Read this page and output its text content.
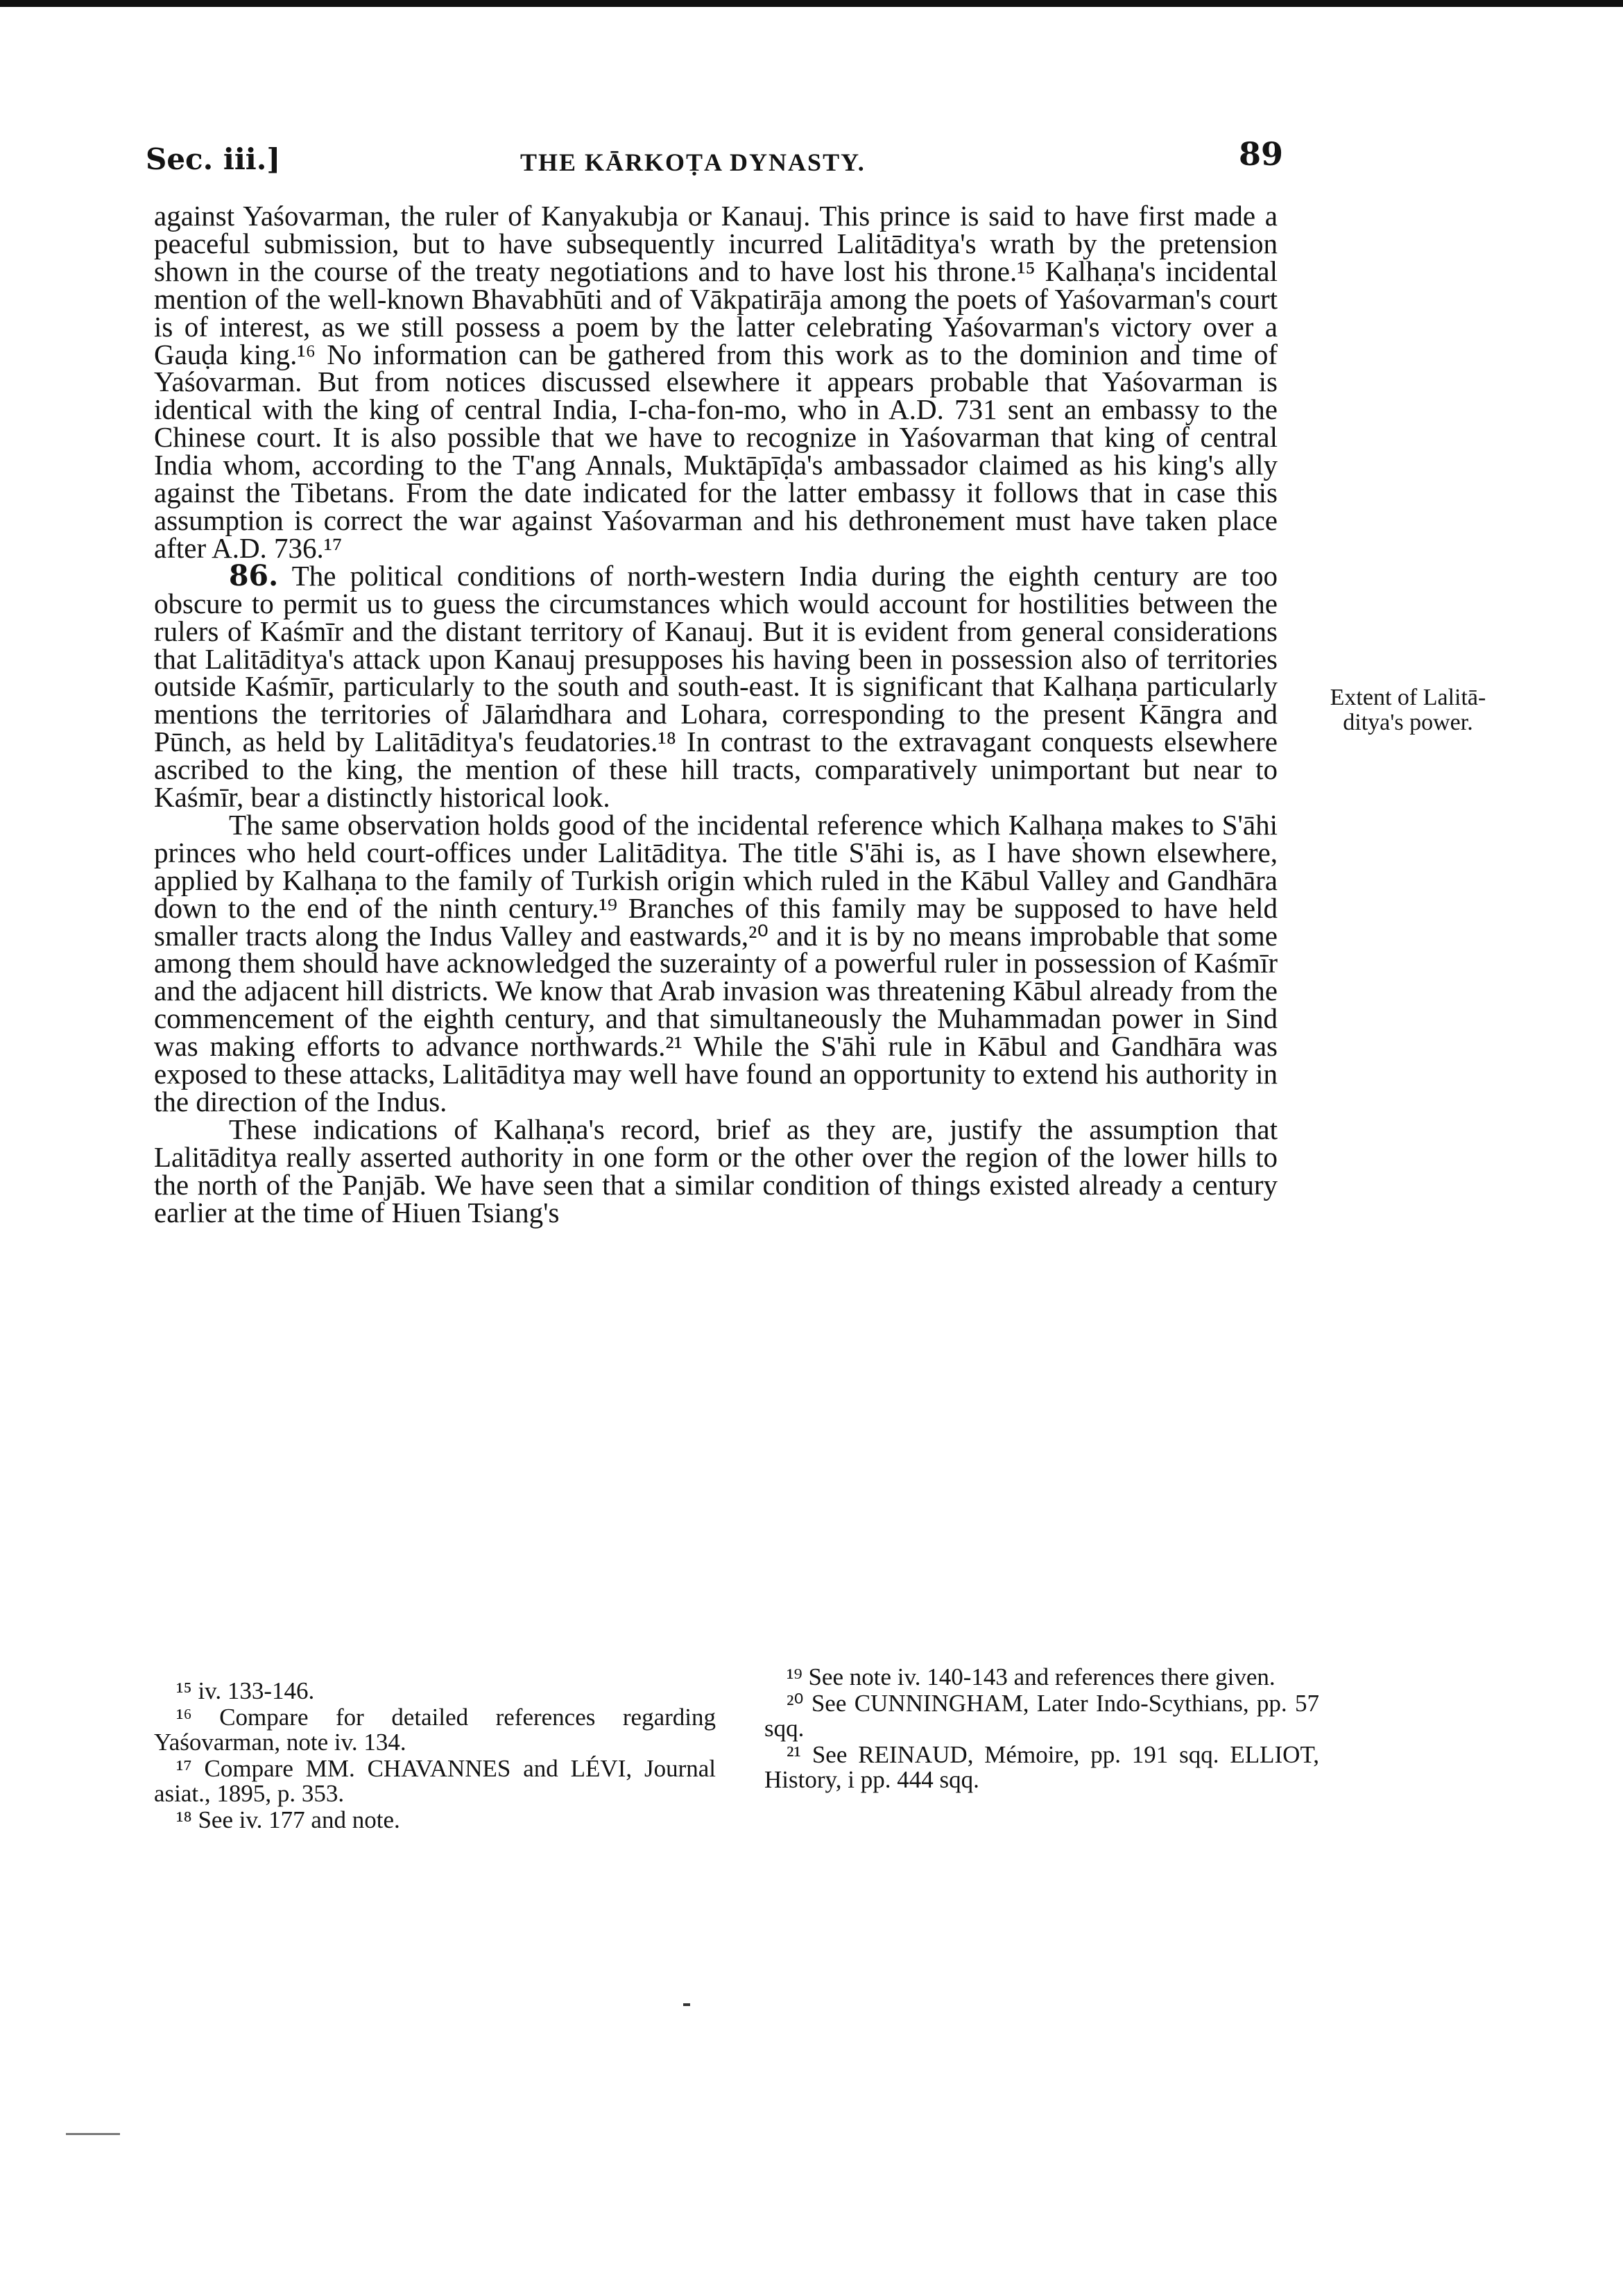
Sec. iii.]	THE KĀRKOṬA DYNASTY.	89

against Yaśovarman, the ruler of Kanyakubja or Kanauj. This prince is said to have first made a peaceful submission, but to have subsequently incurred Lalitāditya's wrath by the pretension shown in the course of the treaty negotiations and to have lost his throne.¹⁵ Kalhaṇa's incidental mention of the well-known Bhavabhūti and of Vākpatirāja among the poets of Yaśovarman's court is of interest, as we still possess a poem by the latter celebrating Yaśovarman's victory over a Gauḍa king.¹⁶ No information can be gathered from this work as to the dominion and time of Yaśovarman. But from notices discussed elsewhere it appears probable that Yaśovarman is identical with the king of central India, I-cha-fon-mo, who in A.D. 731 sent an embassy to the Chinese court. It is also possible that we have to recognize in Yaśovarman that king of central India whom, according to the T'ang Annals, Muktāpīḍa's ambassador claimed as his king's ally against the Tibetans. From the date indicated for the latter embassy it follows that in case this assumption is correct the war against Yaśovarman and his dethronement must have taken place after A.D. 736.¹⁷

86. The political conditions of north-western India during the eighth century are too obscure to permit us to guess the circumstances which would account for hostilities between the rulers of Kaśmīr and the distant territory of Kanauj. But it is evident from general considerations that Lalitāditya's attack upon Kanauj presupposes his having been in possession also of territories outside Kaśmīr, particularly to the south and south-east. It is significant that Kalhaṇa particularly mentions the territories of Jālaṁdhara and Lohara, corresponding to the present Kāngra and Pūnch, as held by Lalitāditya's feudatories.¹⁸ In contrast to the extravagant conquests elsewhere ascribed to the king, the mention of these hill tracts, comparatively unimportant but near to Kaśmīr, bear a distinctly historical look.

The same observation holds good of the incidental reference which Kalhaṇa makes to S'āhi princes who held court-offices under Lalitāditya. The title S'āhi is, as I have shown elsewhere, applied by Kalhaṇa to the family of Turkish origin which ruled in the Kābul Valley and Gandhāra down to the end of the ninth century.¹⁹ Branches of this family may be supposed to have held smaller tracts along the Indus Valley and eastwards,²⁰ and it is by no means improbable that some among them should have acknowledged the suzerainty of a powerful ruler in possession of Kaśmīr and the adjacent hill districts. We know that Arab invasion was threatening Kābul already from the commencement of the eighth century, and that simultaneously the Muhammadan power in Sind was making efforts to advance northwards.²¹ While the S'āhi rule in Kābul and Gandhāra was exposed to these attacks, Lalitāditya may well have found an opportunity to extend his authority in the direction of the Indus.

These indications of Kalhaṇa's record, brief as they are, justify the assumption that Lalitāditya really asserted authority in one form or the other over the region of the lower hills to the north of the Panjāb. We have seen that a similar condition of things existed already a century earlier at the time of Hiuen Tsiang's

Extent of Lalitā-
ditya's power.

¹⁵ iv. 133-146.

¹⁶ Compare for detailed references regarding Yaśovarman, note iv. 134.

¹⁷ Compare MM. CHAVANNES and LÉVI, Journal asiat., 1895, p. 353.

¹⁸ See iv. 177 and note.

¹⁹ See note iv. 140-143 and references there given.

²⁰ See CUNNINGHAM, Later Indo-Scythians, pp. 57 sqq.

²¹ See REINAUD, Mémoire, pp. 191 sqq. ELLIOT, History, i pp. 444 sqq.
